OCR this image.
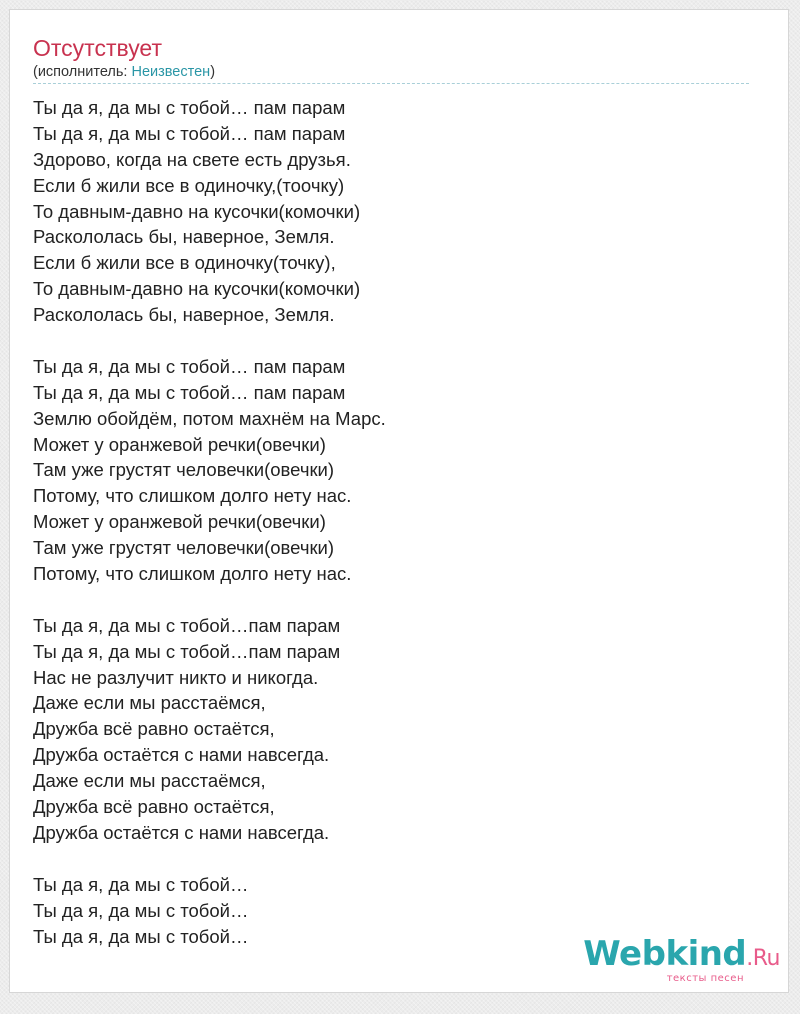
Отсутствует
(исполнитель: Неизвестен)
Ты да я, да мы с тобой… пам парам
Ты да я, да мы с тобой… пам парам
Здорово, когда на свете есть друзья.
Если б жили все в одиночку,(тоочку)
То давным-давно на кусочки(комочки)
Раскололась бы, наверное, Земля.
Если б жили все в одиночку(точку),
То давным-давно на кусочки(комочки)
Раскололась бы, наверное, Земля.
Ты да я, да мы с тобой… пам парам
Ты да я, да мы с тобой… пам парам
Землю обойдём, потом махнём на Марс.
Может у оранжевой речки(овечки)
Там уже грустят человечки(овечки)
Потому, что слишком долго нету нас.
Может у оранжевой речки(овечки)
Там уже грустят человечки(овечки)
Потому, что слишком долго нету нас.
Ты да я, да мы с тобой…пам парам
Ты да я, да мы с тобой…пам парам
Нас не разлучит никто и никогда.
Даже если мы расстаёмся,
Дружба всё равно остаётся,
Дружба остаётся с нами навсегда.
Даже если мы расстаёмся,
Дружба всё равно остаётся,
Дружба остаётся с нами навсегда.
Ты да я, да мы с тобой…
Ты да я, да мы с тобой…
Ты да я, да мы с тобой…	Webkind.Ru
тексты песен
